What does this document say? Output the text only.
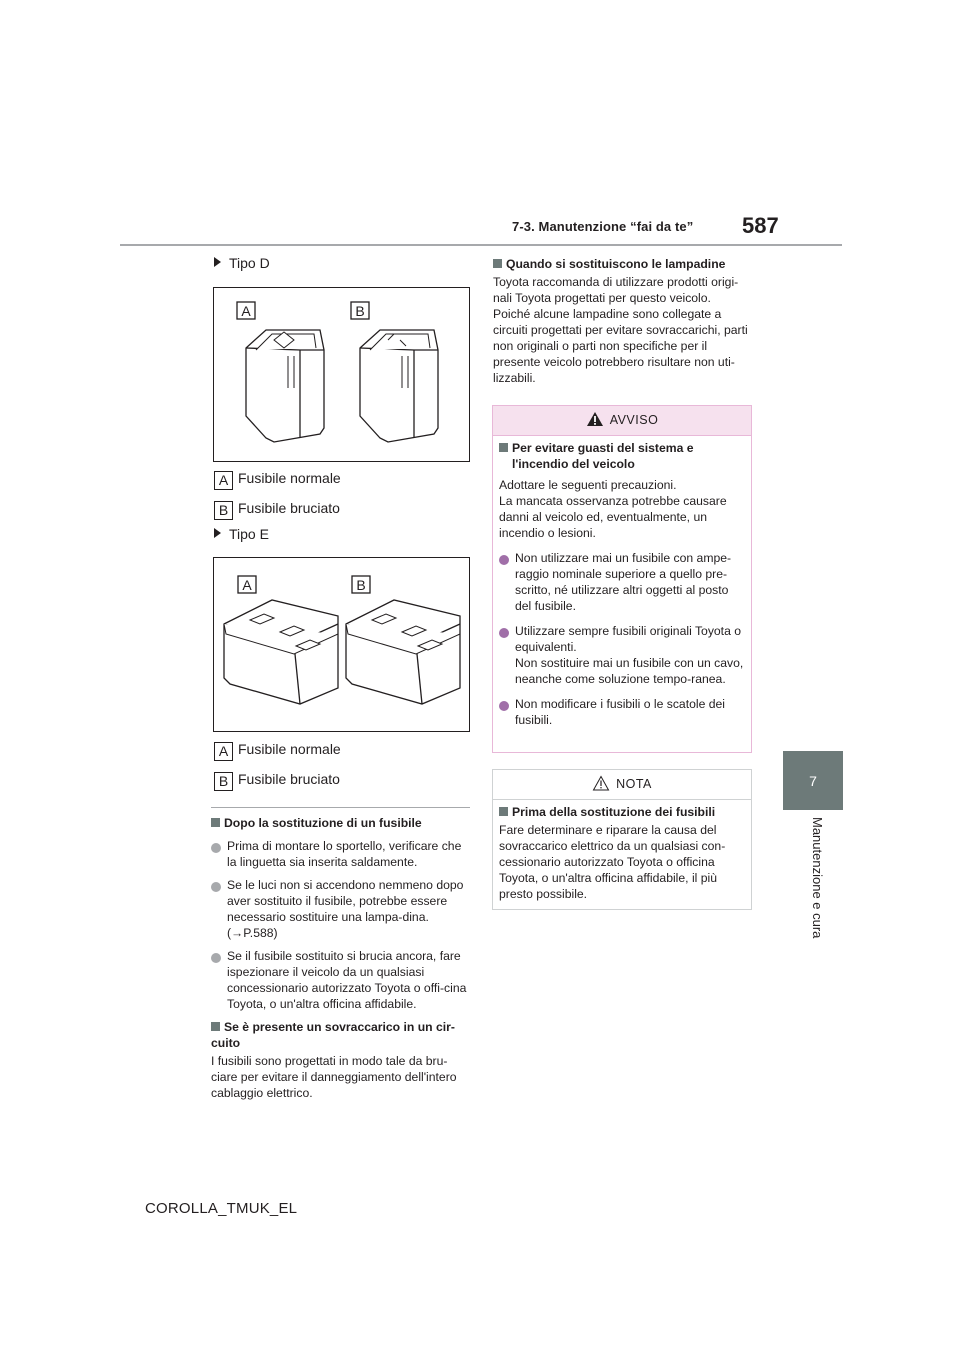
7-3. Manutenzione “fai da te” 587
7
Manutenzione e cura
Tipo D
A	B
A Fusibile normale
B Fusibile bruciato
Tipo E
A	B
A Fusibile normale
B Fusibile bruciato
Dopo la sostituzione di un fusibile
Prima di montare lo sportello, verificare che la linguetta sia inserita saldamente.
Se le luci non si accendono nemmeno dopo aver sostituito il fusibile, potrebbe essere necessario sostituire una lampa-dina. (→P.588)
Se il fusibile sostituito si brucia ancora, fare ispezionare il veicolo da un qualsiasi concessionario autorizzato Toyota o offi-cina Toyota, o un'altra officina affidabile.
Se è presente un sovraccarico in un cir-cuito
I fusibili sono progettati in modo tale da bru-ciare per evitare il danneggiamento dell'intero cablaggio elettrico.
Quando si sostituiscono le lampadine
Toyota raccomanda di utilizzare prodotti origi-nali Toyota progettati per questo veicolo. Poiché alcune lampadine sono collegate a circuiti progettati per evitare sovraccarichi, parti non originali o parti non specifiche per il presente veicolo potrebbero risultare non uti-lizzabili.
AVVISO
Per evitare guasti del sistema e l'incendio del veicolo
Adottare le seguenti precauzioni.
La mancata osservanza potrebbe causare danni al veicolo ed, eventualmente, un incendio o lesioni.
Non utilizzare mai un fusibile con ampe-raggio nominale superiore a quello pre-scritto, né utilizzare altri oggetti al posto del fusibile.
Utilizzare sempre fusibili originali Toyota o equivalenti.
Non sostituire mai un fusibile con un cavo, neanche come soluzione tempo-ranea.
Non modificare i fusibili o le scatole dei fusibili.
NOTA
Prima della sostituzione dei fusibili
Fare determinare e riparare la causa del sovraccarico elettrico da un qualsiasi con-cessionario autorizzato Toyota o officina Toyota, o un'altra officina affidabile, il più presto possibile.
COROLLA_TMUK_EL
